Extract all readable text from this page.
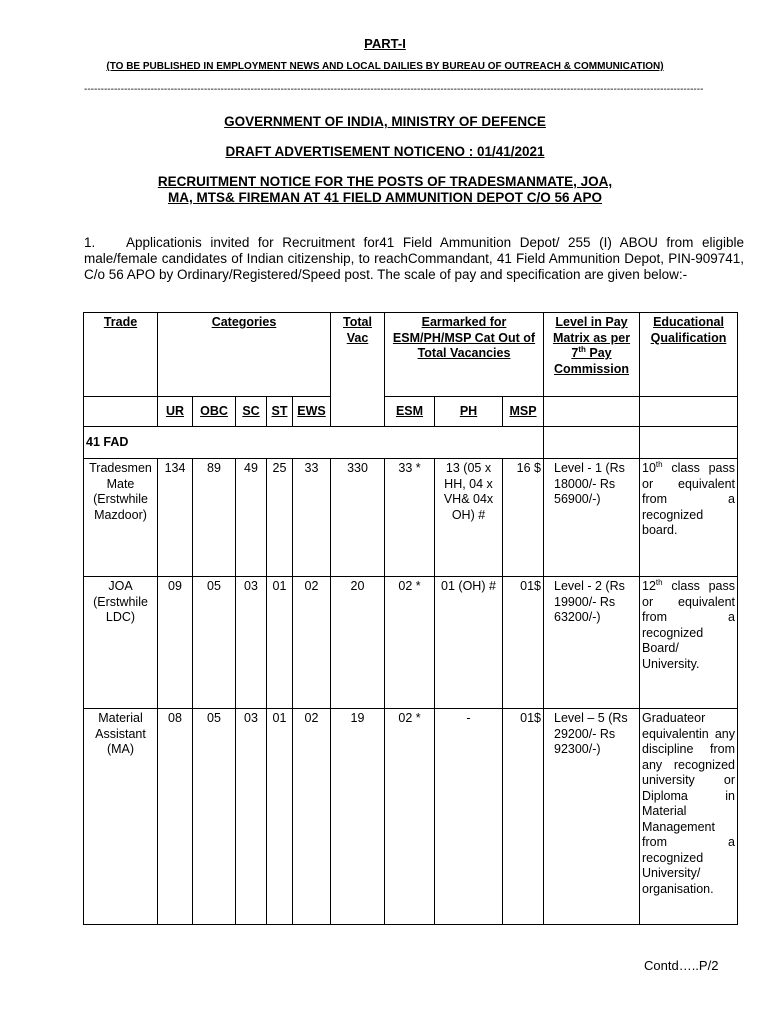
PART-I
(TO BE PUBLISHED IN EMPLOYMENT NEWS AND LOCAL DAILIES BY BUREAU OF OUTREACH & COMMUNICATION)
------------------------------------------------------------------------------------------------------------------------------------------------------------------------------------------
GOVERNMENT OF INDIA, MINISTRY OF DEFENCE
DRAFT ADVERTISEMENT NOTICENO : 01/41/2021
RECRUITMENT NOTICE FOR THE POSTS OF TRADESMANMATE, JOA,
MA, MTS& FIREMAN AT 41 FIELD AMMUNITION DEPOT C/O 56 APO
1. Applicationis invited for Recruitment for41 Field Ammunition Depot/ 255 (I) ABOU from eligible male/female candidates of Indian citizenship, to reachCommandant, 41 Field Ammunition Depot, PIN-909741, C/o 56 APO by Ordinary/Registered/Speed post. The scale of pay and specification are given below:-
Trade	Categories					Total Vac	Earmarked for ESM/PH/MSP Cat Out of Total Vacancies			Level in Pay Matrix as per 7th Pay Commission	Educational Qualification
	UR	OBC	SC	ST	EWS		ESM	PH	MSP		
41 FAD											
Tradesmen Mate (Erstwhile Mazdoor)	134	89	49	25	33	330	33 *	13 (05 x HH, 04 x VH& 04x OH) #	16 $	Level - 1 (Rs 18000/- Rs 56900/-)	10th class pass or equivalent from a recognized board.
JOA (Erstwhile LDC)	09	05	03	01	02	20	02 *	01 (OH) #	01$	Level - 2 (Rs 19900/- Rs 63200/-)	12th class pass or equivalent from a recognized Board/ University.
Material Assistant (MA)	08	05	03	01	02	19	02 *	-	01$	Level – 5 (Rs 29200/- Rs 92300/-)	Graduateor equivalentin any discipline from any recognized university or Diploma in Material Management from a recognized University/ organisation.
Contd…..P/2
